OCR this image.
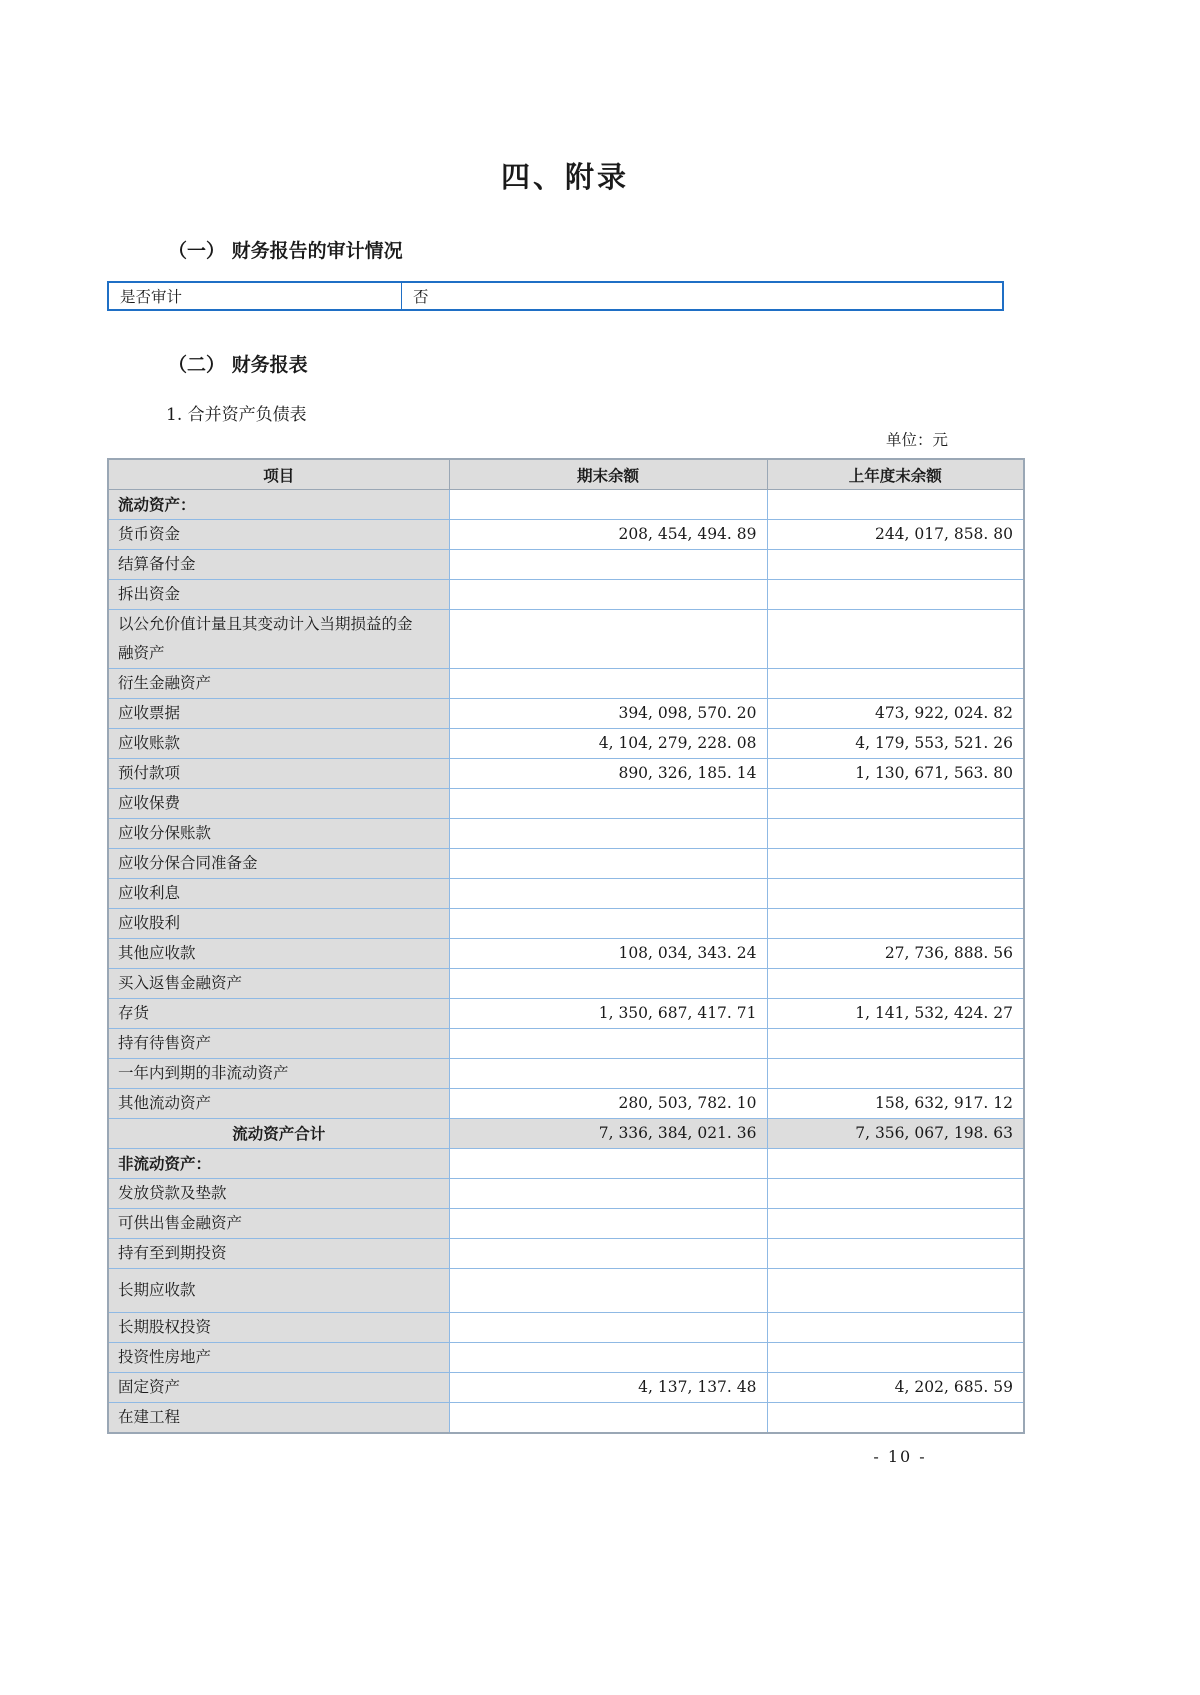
四、附录
（一） 财务报告的审计情况
是否审计	否
（二） 财务报表
1. 合并资产负债表
单位：元
项目	期末余额	上年度末余额
流动资产：		
货币资金	208, 454, 494. 89	244, 017, 858. 80
结算备付金		
拆出资金		
以公允价值计量且其变动计入当期损益的金融资产		
衍生金融资产		
应收票据	394, 098, 570. 20	473, 922, 024. 82
应收账款	4, 104, 279, 228. 08	4, 179, 553, 521. 26
预付款项	890, 326, 185. 14	1, 130, 671, 563. 80
应收保费		
应收分保账款		
应收分保合同准备金		
应收利息		
应收股利		
其他应收款	108, 034, 343. 24	27, 736, 888. 56
买入返售金融资产		
存货	1, 350, 687, 417. 71	1, 141, 532, 424. 27
持有待售资产		
一年内到期的非流动资产		
其他流动资产	280, 503, 782. 10	158, 632, 917. 12
流动资产合计	7, 336, 384, 021. 36	7, 356, 067, 198. 63
非流动资产：		
发放贷款及垫款		
可供出售金融资产		
持有至到期投资		
长期应收款		
长期股权投资		
投资性房地产		
固定资产	4, 137, 137. 48	4, 202, 685. 59
在建工程		
- 10 -
